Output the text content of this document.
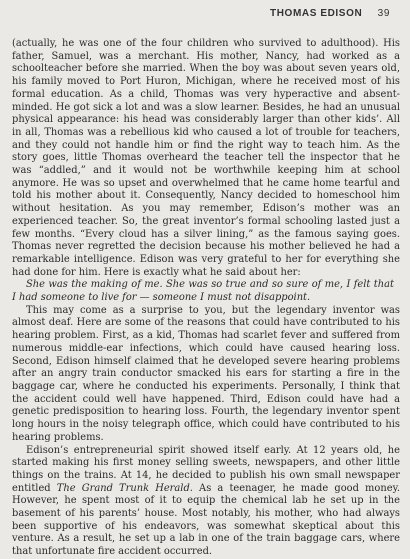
THOMAS EDISON 39

(actually, he was one of the four children who survived to adulthood). His father, Samuel, was a merchant. His mother, Nancy, had worked as a schoolteacher before she married. When the boy was about seven years old, his family moved to Port Huron, Michigan, where he received most of his formal education. As a child, Thomas was very hyperactive and absent-minded. He got sick a lot and was a slow learner. Besides, he had an unusual physical appearance: his head was considerably larger than other kids’. All in all, Thomas was a rebellious kid who caused a lot of trouble for teachers, and they could not handle him or find the right way to teach him. As the story goes, little Thomas overheard the teacher tell the inspector that he was “addled,” and it would not be worthwhile keeping him at school anymore. He was so upset and overwhelmed that he came home tearful and told his mother about it. Consequently, Nancy decided to homeschool him without hesitation. As you may remember, Edison’s mother was an experienced teacher. So, the great inventor’s formal schooling lasted just a few months. “Every cloud has a silver lining,” as the famous saying goes. Thomas never regretted the decision because his mother believed he had a remarkable intelligence. Edison was very grateful to her for everything she had done for him. Here is exactly what he said about her:

She was the making of me. She was so true and so sure of me, I felt that I had someone to live for — someone I must not disappoint.

This may come as a surprise to you, but the legendary inventor was almost deaf. Here are some of the reasons that could have contributed to his hearing problem. First, as a kid, Thomas had scarlet fever and suffered from numerous middle-ear infections, which could have caused hearing loss. Second, Edison himself claimed that he developed severe hearing problems after an angry train conductor smacked his ears for starting a fire in the baggage car, where he conducted his experiments. Personally, I think that the accident could well have happened. Third, Edison could have had a genetic predisposition to hearing loss. Fourth, the legendary inventor spent long hours in the noisy telegraph office, which could have contributed to his hearing problems.

Edison’s entrepreneurial spirit showed itself early. At 12 years old, he started making his first money selling sweets, newspapers, and other little things on the trains. At 14, he decided to publish his own small newspaper entitled The Grand Trunk Herald. As a teenager, he made good money. However, he spent most of it to equip the chemical lab he set up in the basement of his parents’ house. Most notably, his mother, who had always been supportive of his endeavors, was somewhat skeptical about this venture. As a result, he set up a lab in one of the train baggage cars, where that unfortunate fire accident occurred.
